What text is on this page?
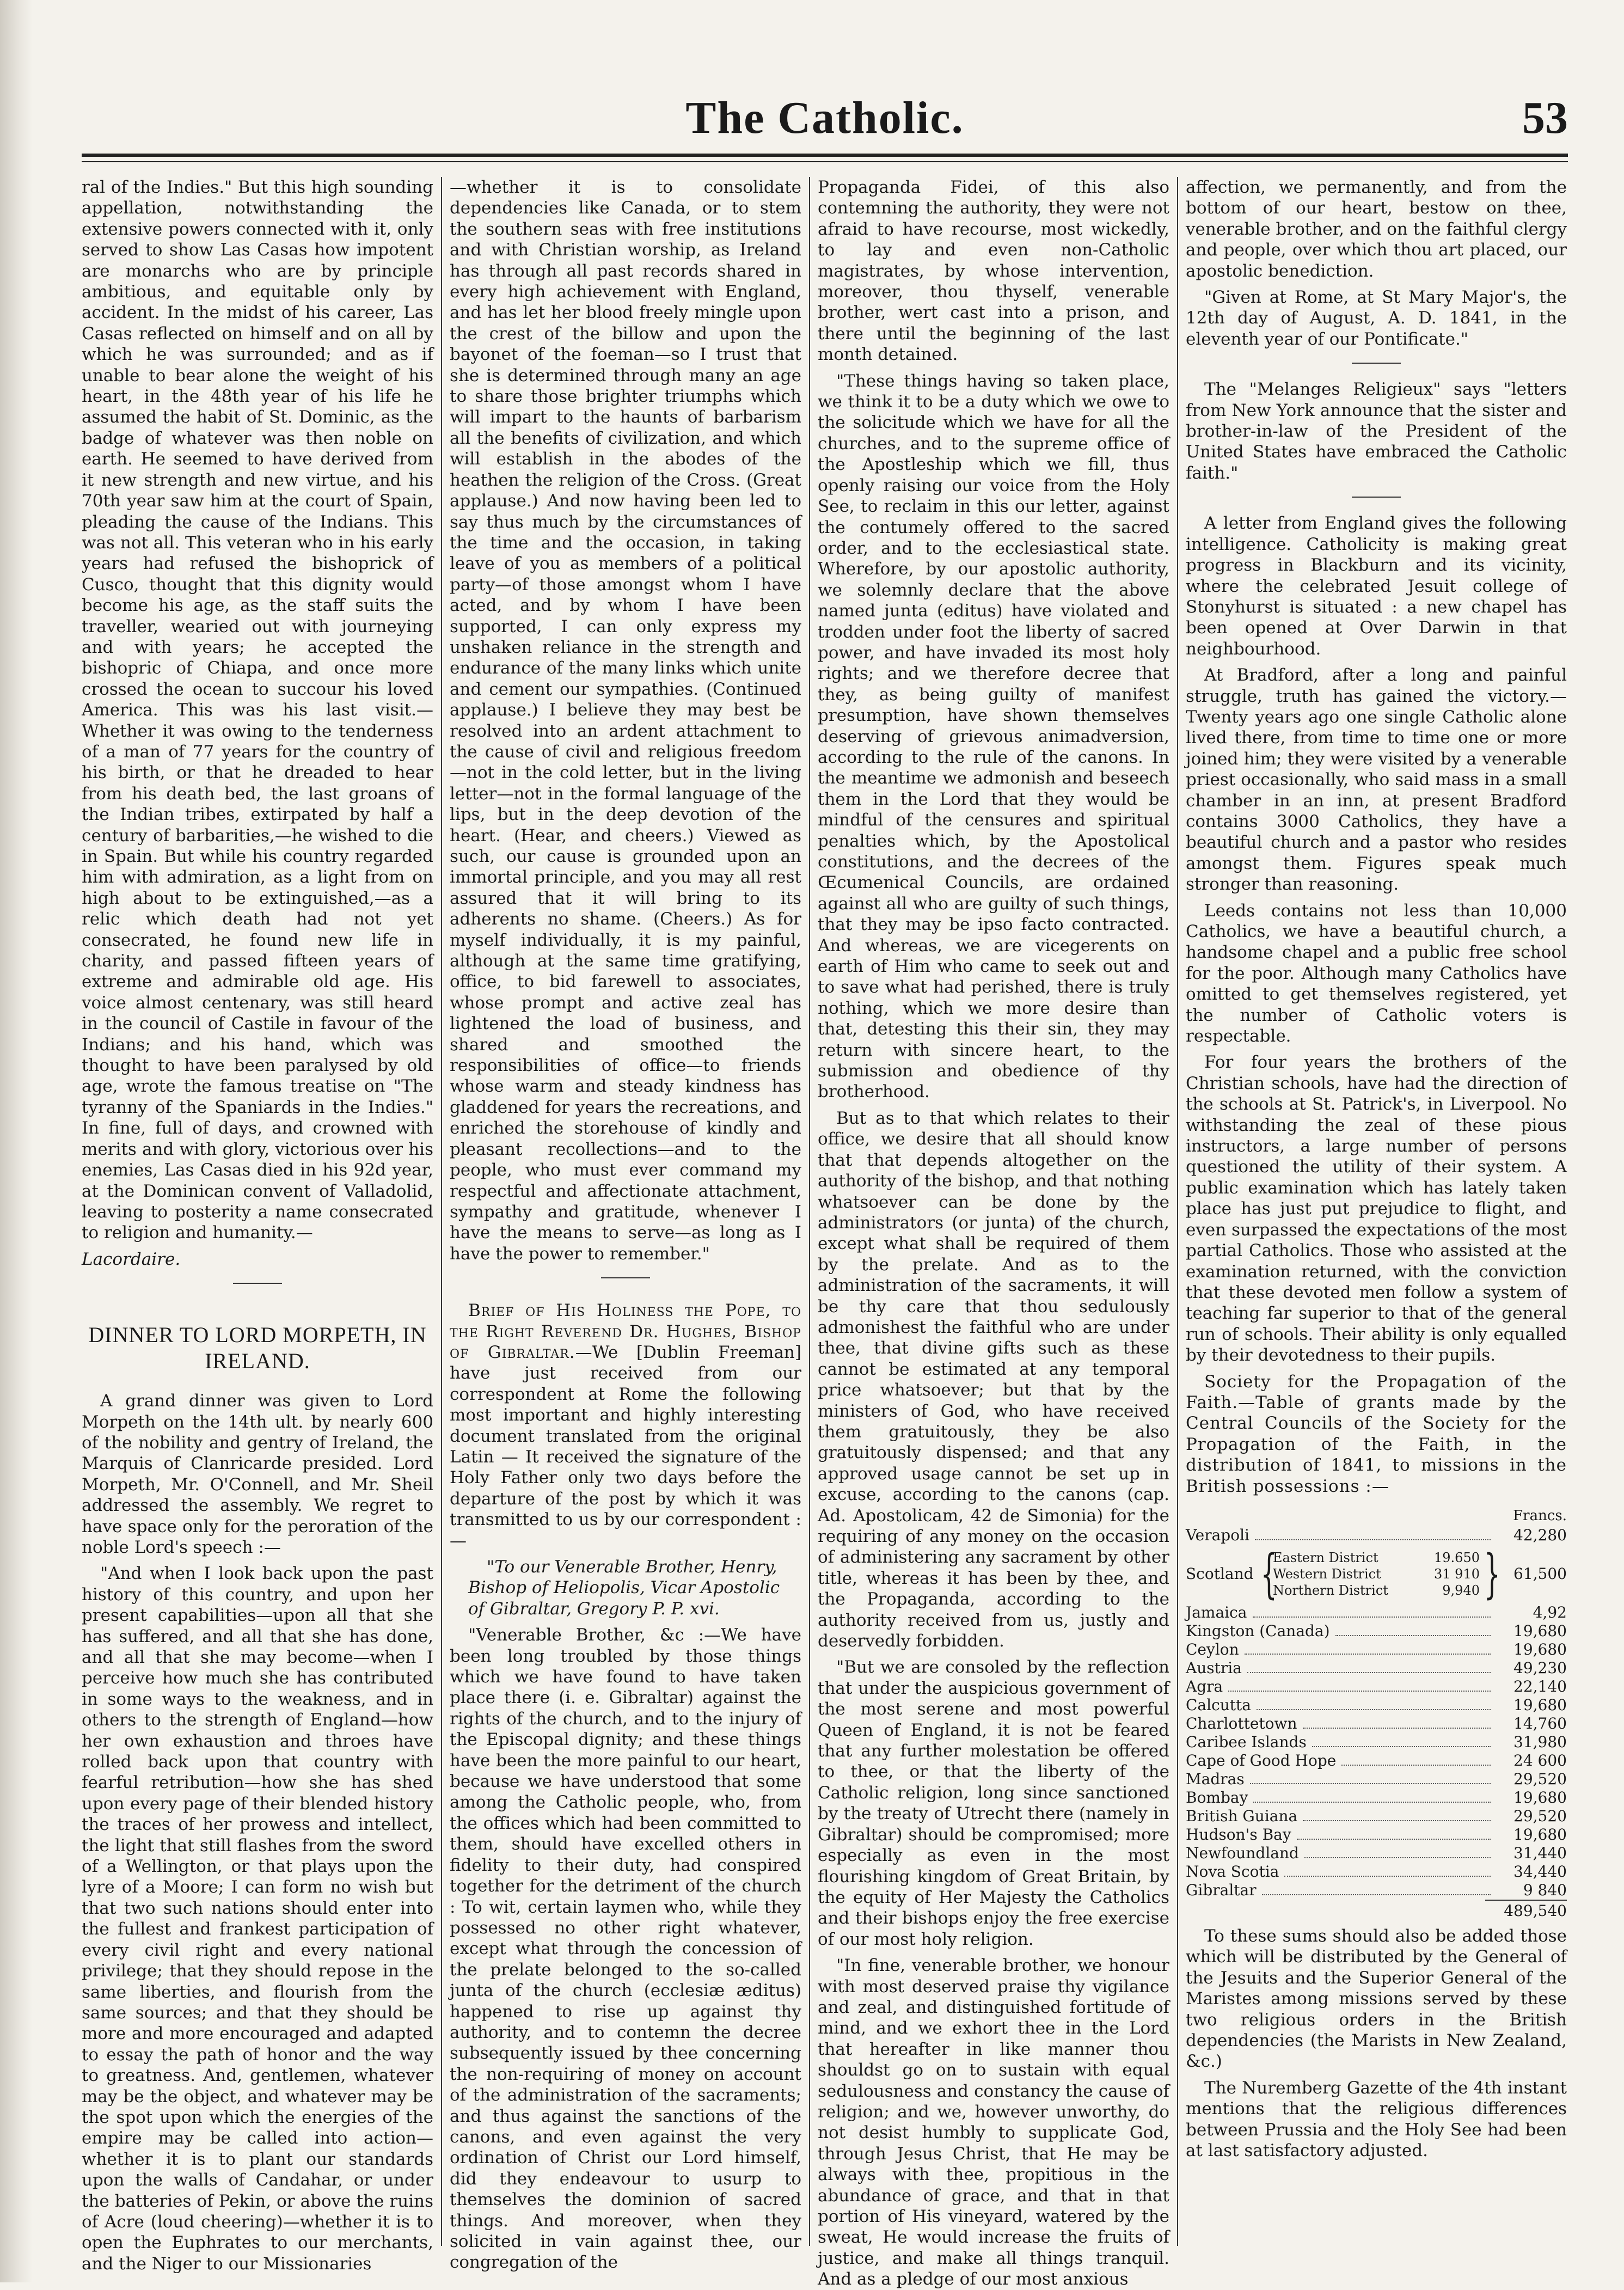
The Catholic.	53

ral of the Indies." But this high sounding appellation, notwithstanding the extensive powers connected with it, only served to show Las Casas how impotent are monarchs who are by principle ambitious, and equitable only by accident. In the midst of his career, Las Casas reflected on himself and on all by which he was surrounded; and as if unable to bear alone the weight of his heart, in the 48th year of his life he assumed the habit of St. Dominic, as the badge of whatever was then noble on earth. He seemed to have derived from it new strength and new virtue, and his 70th year saw him at the court of Spain, pleading the cause of the Indians. This was not all. This veteran who in his early years had refused the bishoprick of Cusco, thought that this dignity would become his age, as the staff suits the traveller, wearied out with journeying and with years; he accepted the bishopric of Chiapa, and once more crossed the ocean to succour his loved America. This was his last visit.— Whether it was owing to the tenderness of a man of 77 years for the country of his birth, or that he dreaded to hear from his death bed, the last groans of the Indian tribes, extirpated by half a century of barbarities,—he wished to die in Spain. But while his country regarded him with admiration, as a light from on high about to be extinguished,—as a relic which death had not yet consecrated, he found new life in charity, and passed fifteen years of extreme and admirable old age. His voice almost centenary, was still heard in the council of Castile in favour of the Indians; and his hand, which was thought to have been paralysed by old age, wrote the famous treatise on "The tyranny of the Spaniards in the Indies." In fine, full of days, and crowned with merits and with glory, victorious over his enemies, Las Casas died in his 92d year, at the Dominican convent of Valladolid, leaving to posterity a name consecrated to religion and humanity.—

Lacordaire.

DINNER TO LORD MORPETH, IN IRELAND.

A grand dinner was given to Lord Morpeth on the 14th ult. by nearly 600 of the nobility and gentry of Ireland, the Marquis of Clanricarde presided. Lord Morpeth, Mr. O'Connell, and Mr. Sheil addressed the assembly. We regret to have space only for the peroration of the noble Lord's speech :—

"And when I look back upon the past history of this country, and upon her present capabilities—upon all that she has suffered, and all that she has done, and all that she may become—when I perceive how much she has contributed in some ways to the weakness, and in others to the strength of England—how her own exhaustion and throes have rolled back upon that country with fearful retribution—how she has shed upon every page of their blended history the traces of her prowess and intellect, the light that still flashes from the sword of a Wellington, or that plays upon the lyre of a Moore; I can form no wish but that two such nations should enter into the fullest and frankest participation of every civil right and every national privilege; that they should repose in the same liberties, and flourish from the same sources; and that they should be more and more encouraged and adapted to essay the path of honor and the way to greatness. And, gentlemen, whatever may be the object, and whatever may be the spot upon which the energies of the empire may be called into action—whether it is to plant our standards upon the walls of Candahar, or under the batteries of Pekin, or above the ruins of Acre (loud cheering)—whether it is to open the Euphrates to our merchants, and the Niger to our Missionaries

—whether it is to consolidate dependencies like Canada, or to stem the southern seas with free institutions and with Christian worship, as Ireland has through all past records shared in every high achievement with England, and has let her blood freely mingle upon the crest of the billow and upon the bayonet of the foeman—so I trust that she is determined through many an age to share those brighter triumphs which will impart to the haunts of barbarism all the benefits of civilization, and which will establish in the abodes of the heathen the religion of the Cross. (Great applause.) And now having been led to say thus much by the circumstances of the time and the occasion, in taking leave of you as members of a political party—of those amongst whom I have acted, and by whom I have been supported, I can only express my unshaken reliance in the strength and endurance of the many links which unite and cement our sympathies. (Continued applause.) I believe they may best be resolved into an ardent attachment to the cause of civil and religious freedom—not in the cold letter, but in the living letter—not in the formal language of the lips, but in the deep devotion of the heart. (Hear, and cheers.) Viewed as such, our cause is grounded upon an immortal principle, and you may all rest assured that it will bring to its adherents no shame. (Cheers.) As for myself individually, it is my painful, although at the same time gratifying, office, to bid farewell to associates, whose prompt and active zeal has lightened the load of business, and shared and smoothed the responsibilities of office—to friends whose warm and steady kindness has gladdened for years the recreations, and enriched the storehouse of kindly and pleasant recollections—and to the people, who must ever command my respectful and affectionate attachment, sympathy and gratitude, whenever I have the means to serve—as long as I have the power to remember."

Brief of His Holiness the Pope, to the Right Reverend Dr. Hughes, Bishop of Gibraltar.—We [Dublin Freeman] have just received from our correspondent at Rome the following most important and highly interesting document translated from the original Latin — It received the signature of the Holy Father only two days before the departure of the post by which it was transmitted to us by our correspondent :—

"To our Venerable Brother, Henry, Bishop of Heliopolis, Vicar Apostolic of Gibraltar, Gregory P. P. xvi.

"Venerable Brother, &c :—We have been long troubled by those things which we have found to have taken place there (i. e. Gibraltar) against the rights of the church, and to the injury of the Episcopal dignity; and these things have been the more painful to our heart, because we have understood that some among the Catholic people, who, from the offices which had been committed to them, should have excelled others in fidelity to their duty, had conspired together for the detriment of the church : To wit, certain laymen who, while they possessed no other right whatever, except what through the concession of the prelate belonged to the so-called junta of the church (ecclesiæ æditus) happened to rise up against thy authority, and to contemn the decree subsequently issued by thee concerning the non-requiring of money on account of the administration of the sacraments; and thus against the sanctions of the canons, and even against the very ordination of Christ our Lord himself, did they endeavour to usurp to themselves the dominion of sacred things. And moreover, when they solicited in vain against thee, our congregation of the

Propaganda Fidei, of this also contemning the authority, they were not afraid to have recourse, most wickedly, to lay and even non-Catholic magistrates, by whose intervention, moreover, thou thyself, venerable brother, wert cast into a prison, and there until the beginning of the last month detained.

"These things having so taken place, we think it to be a duty which we owe to the solicitude which we have for all the churches, and to the supreme office of the Apostleship which we fill, thus openly raising our voice from the Holy See, to reclaim in this our letter, against the contumely offered to the sacred order, and to the ecclesiastical state. Wherefore, by our apostolic authority, we solemnly declare that the above named junta (editus) have violated and trodden under foot the liberty of sacred power, and have invaded its most holy rights; and we therefore decree that they, as being guilty of manifest presumption, have shown themselves deserving of grievous animadversion, according to the rule of the canons. In the meantime we admonish and beseech them in the Lord that they would be mindful of the censures and spiritual penalties which, by the Apostolical constitutions, and the decrees of the Œcumenical Councils, are ordained against all who are guilty of such things, that they may be ipso facto contracted. And whereas, we are vicegerents on earth of Him who came to seek out and to save what had perished, there is truly nothing, which we more desire than that, detesting this their sin, they may return with sincere heart, to the submission and obedience of thy brotherhood.

But as to that which relates to their office, we desire that all should know that that depends altogether on the authority of the bishop, and that nothing whatsoever can be done by the administrators (or junta) of the church, except what shall be required of them by the prelate. And as to the administration of the sacraments, it will be thy care that thou sedulously admonishest the faithful who are under thee, that divine gifts such as these cannot be estimated at any temporal price whatsoever; but that by the ministers of God, who have received them gratuitously, they be also gratuitously dispensed; and that any approved usage cannot be set up in excuse, according to the canons (cap. Ad. Apostolicam, 42 de Simonia) for the requiring of any money on the occasion of administering any sacrament by other title, whereas it has been by thee, and the Propaganda, according to the authority received from us, justly and deservedly forbidden.

"But we are consoled by the reflection that under the auspicious government of the most serene and most powerful Queen of England, it is not be feared that any further molestation be offered to thee, or that the liberty of the Catholic religion, long since sanctioned by the treaty of Utrecht there (namely in Gibraltar) should be compromised; more especially as even in the most flourishing kingdom of Great Britain, by the equity of Her Majesty the Catholics and their bishops enjoy the free exercise of our most holy religion.

"In fine, venerable brother, we honour with most deserved praise thy vigilance and zeal, and distinguished fortitude of mind, and we exhort thee in the Lord that hereafter in like manner thou shouldst go on to sustain with equal sedulousness and constancy the cause of religion; and we, however unworthy, do not desist humbly to supplicate God, through Jesus Christ, that He may be always with thee, propitious in the abundance of grace, and that in that portion of His vineyard, watered by the sweat, He would increase the fruits of justice, and make all things tranquil. And as a pledge of our most anxious

affection, we permanently, and from the bottom of our heart, bestow on thee, venerable brother, and on the faithful clergy and people, over which thou art placed, our apostolic benediction.

"Given at Rome, at St Mary Major's, the 12th day of August, A. D. 1841, in the eleventh year of our Pontificate."

The "Melanges Religieux" says "letters from New York announce that the sister and brother-in-law of the President of the United States have embraced the Catholic faith."

A letter from England gives the following intelligence. Catholicity is making great progress in Blackburn and its vicinity, where the celebrated Jesuit college of Stonyhurst is situated : a new chapel has been opened at Over Darwin in that neighbourhood.

At Bradford, after a long and painful struggle, truth has gained the victory.— Twenty years ago one single Catholic alone lived there, from time to time one or more joined him; they were visited by a venerable priest occasionally, who said mass in a small chamber in an inn, at present Bradford contains 3000 Catholics, they have a beautiful church and a pastor who resides amongst them. Figures speak much stronger than reasoning.

Leeds contains not less than 10,000 Catholics, we have a beautiful church, a handsome chapel and a public free school for the poor. Although many Catholics have omitted to get themselves registered, yet the number of Catholic voters is respectable.

For four years the brothers of the Christian schools, have had the direction of the schools at St. Patrick's, in Liverpool. No withstanding the zeal of these pious instructors, a large number of persons questioned the utility of their system. A public examination which has lately taken place has just put prejudice to flight, and even surpassed the expectations of the most partial Catholics. Those who assisted at the examination returned, with the conviction that these devoted men follow a system of teaching far superior to that of the general run of schools. Their ability is only equalled by their devotedness to their pupils.

Society for the Propagation of the Faith.—Table of grants made by the Central Councils of the Society for the Propagation of the Faith, in the distribution of 1841, to missions in the British possessions :—

Francs.
Verapoli	42,280
Scotland {
Eastern District	19.650
Western District	31 910
Northern District	9,940 } 61,500
Jamaica	4,92
Kingston (Canada)	19,680
Ceylon	19,680
Austria	49,230
Agra	22,140
Calcutta	19,680
Charlottetown	14,760
Caribee Islands	31,980
Cape of Good Hope	24 600
Madras	29,520
Bombay	19,680
British Guiana	29,520
Hudson's Bay	19,680
Newfoundland	31,440
Nova Scotia	34,440
Gibraltar	9 840
489,540

To these sums should also be added those which will be distributed by the General of the Jesuits and the Superior General of the Maristes among missions served by these two religious orders in the British dependencies (the Marists in New Zealand, &c.)

The Nuremberg Gazette of the 4th instant mentions that the religious differences between Prussia and the Holy See had been at last satisfactory adjusted.
